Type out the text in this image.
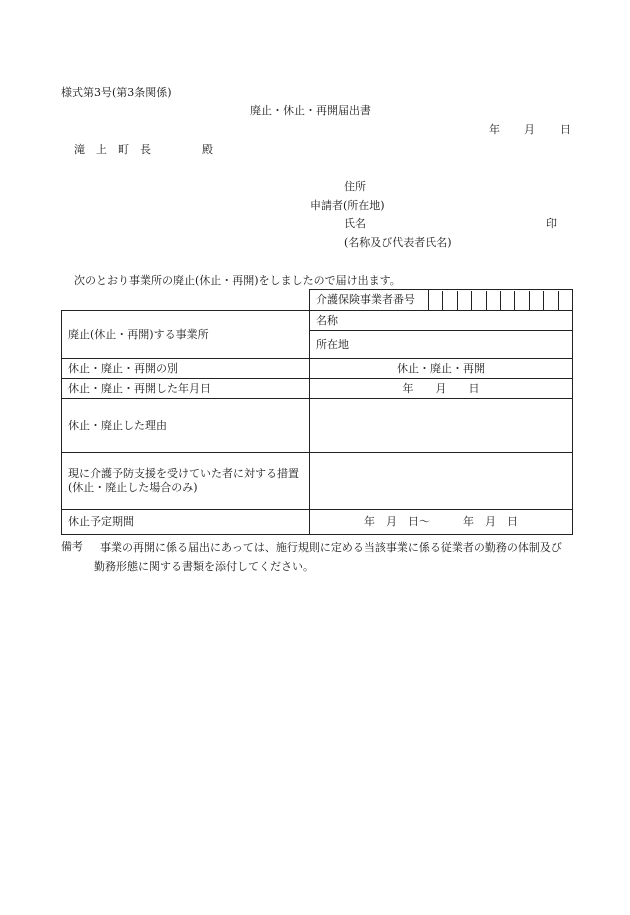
様式第3号(第3条関係)
廃止・休止・再開届出書
年 月 日
滝　上　町　長	殿
住所
申請者(所在地)
氏名	印
(名称及び代表者氏名)
次のとおり事業所の廃止(休止・再開)をしましたので届け出ます。
	介護保険事業者番号	

廃止(休止・再開)する事業所	名称	
	所在地	
休止・廃止・再開の別	休止・廃止・再開	
休止・廃止・再開した年月日	年　　月　　日	
休止・廃止した理由		
現に介護予防支援を受けていた者に対する措置(休止・廃止した場合のみ)		
休止予定期間	年　月　日〜　　　年　月　日	
備考	事業の再開に係る届出にあっては、施行規則に定める当該事業に係る従業者の勤務の体制及び勤務形態に関する書類を添付してください。
